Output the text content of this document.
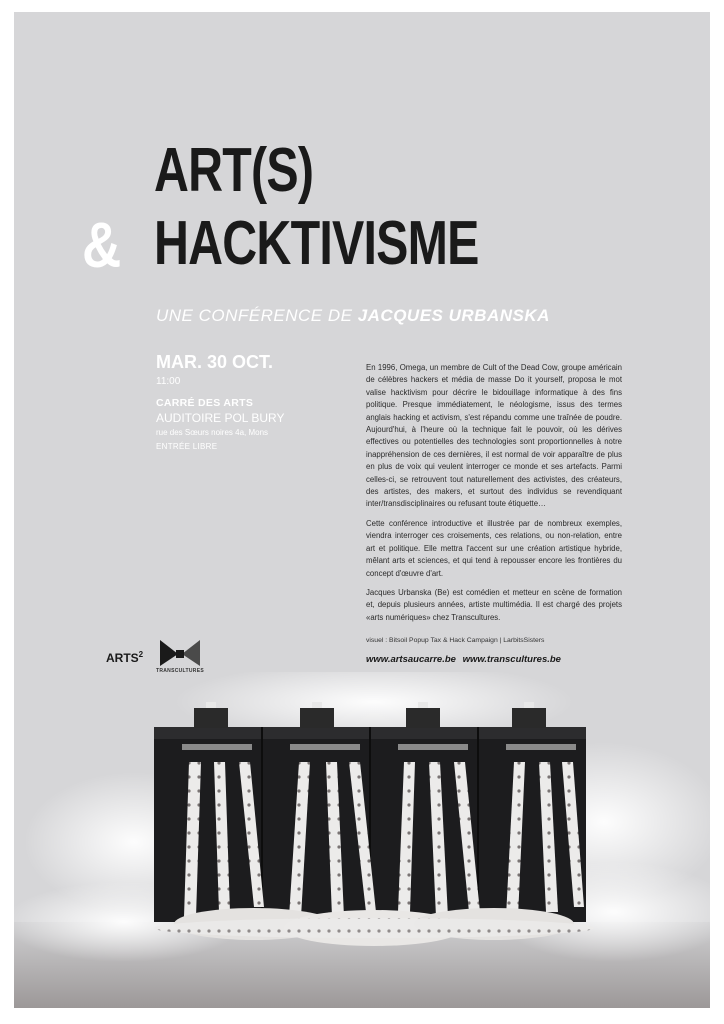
ART(S)
& HACKTIVISME
UNE CONFÉRENCE DE JACQUES URBANSKA
MAR. 30 OCT.
11:00
CARRÉ DES ARTS
AUDITOIRE POL BURY
rue des Sœurs noires 4a, Mons
ENTRÉE LIBRE

En 1996, Omega, un membre de Cult of the Dead Cow, groupe américain de célèbres hackers et média de masse Do it yourself, proposa le mot valise hacktivism pour décrire le bidouillage informatique à des fins politique. Presque immédiatement, le néologisme, issus des termes anglais hacking et activism, s'est répandu comme une traînée de poudre. Aujourd'hui, à l'heure où la technique fait le pouvoir, où les dérives effectives ou potentielles des technologies sont proportionnelles à notre inappréhension de ces dernières, il est normal de voir apparaître de plus en plus de voix qui veulent interroger ce monde et ses artefacts. Parmi celles-ci, se retrouvent tout naturellement des activistes, des créateurs, des artistes, des makers, et surtout des individus se revendiquant inter/transdisciplinaires ou refusant toute étiquette…

Cette conférence introductive et illustrée par de nombreux exemples, viendra interroger ces croisements, ces relations, ou non-relation, entre art et politique. Elle mettra l'accent sur une création artistique hybride, mêlant arts et sciences, et qui tend à repousser encore les frontières du concept d'œuvre d'art.

Jacques Urbanska (Be) est comédien et metteur en scène de formation et, depuis plusieurs années, artiste multimédia. Il est chargé des projets «arts numériques» chez Transcultures.

visuel : Bitsoil Popup Tax & Hack Campaign | LarbitsSisters
www.artsaucarre.be www.transcultures.be
ARTS$^2$
TRANSCULTURES
